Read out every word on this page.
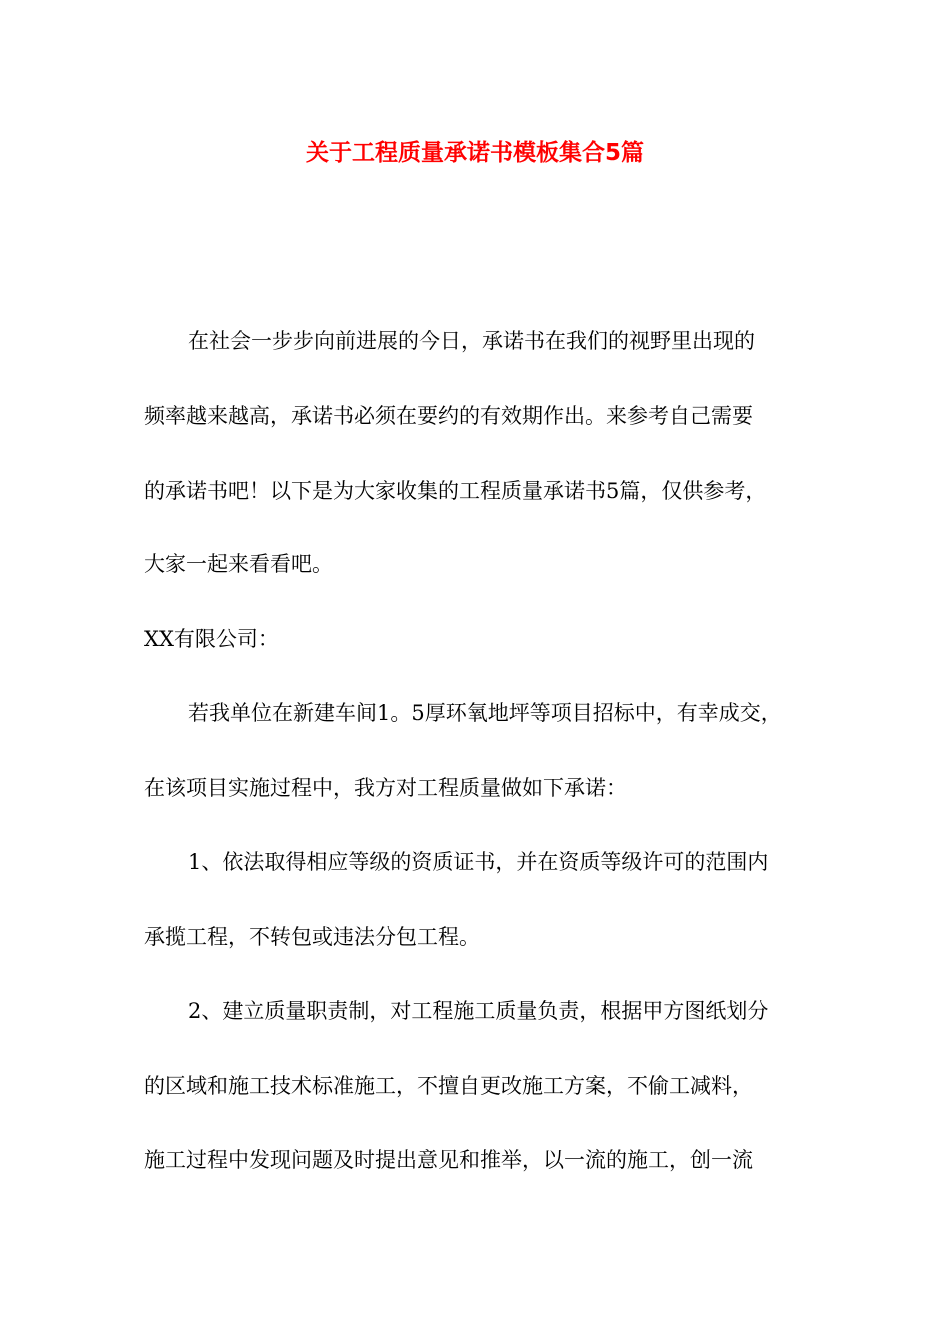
关于工程质量承诺书模板集合5篇

在社会一步步向前进展的今日，承诺书在我们的视野里出现的

频率越来越高，承诺书必须在要约的有效期作出。来参考自己需要

的承诺书吧！以下是为大家收集的工程质量承诺书5篇，仅供参考，

大家一起来看看吧。

XX有限公司：

若我单位在新建车间1。5厚环氧地坪等项目招标中，有幸成交，

在该项目实施过程中，我方对工程质量做如下承诺：

1、依法取得相应等级的资质证书，并在资质等级许可的范围内

承揽工程，不转包或违法分包工程。

2、建立质量职责制，对工程施工质量负责，根据甲方图纸划分

的区域和施工技术标准施工，不擅自更改施工方案，不偷工减料，

施工过程中发现问题及时提出意见和推举，以一流的施工，创一流
